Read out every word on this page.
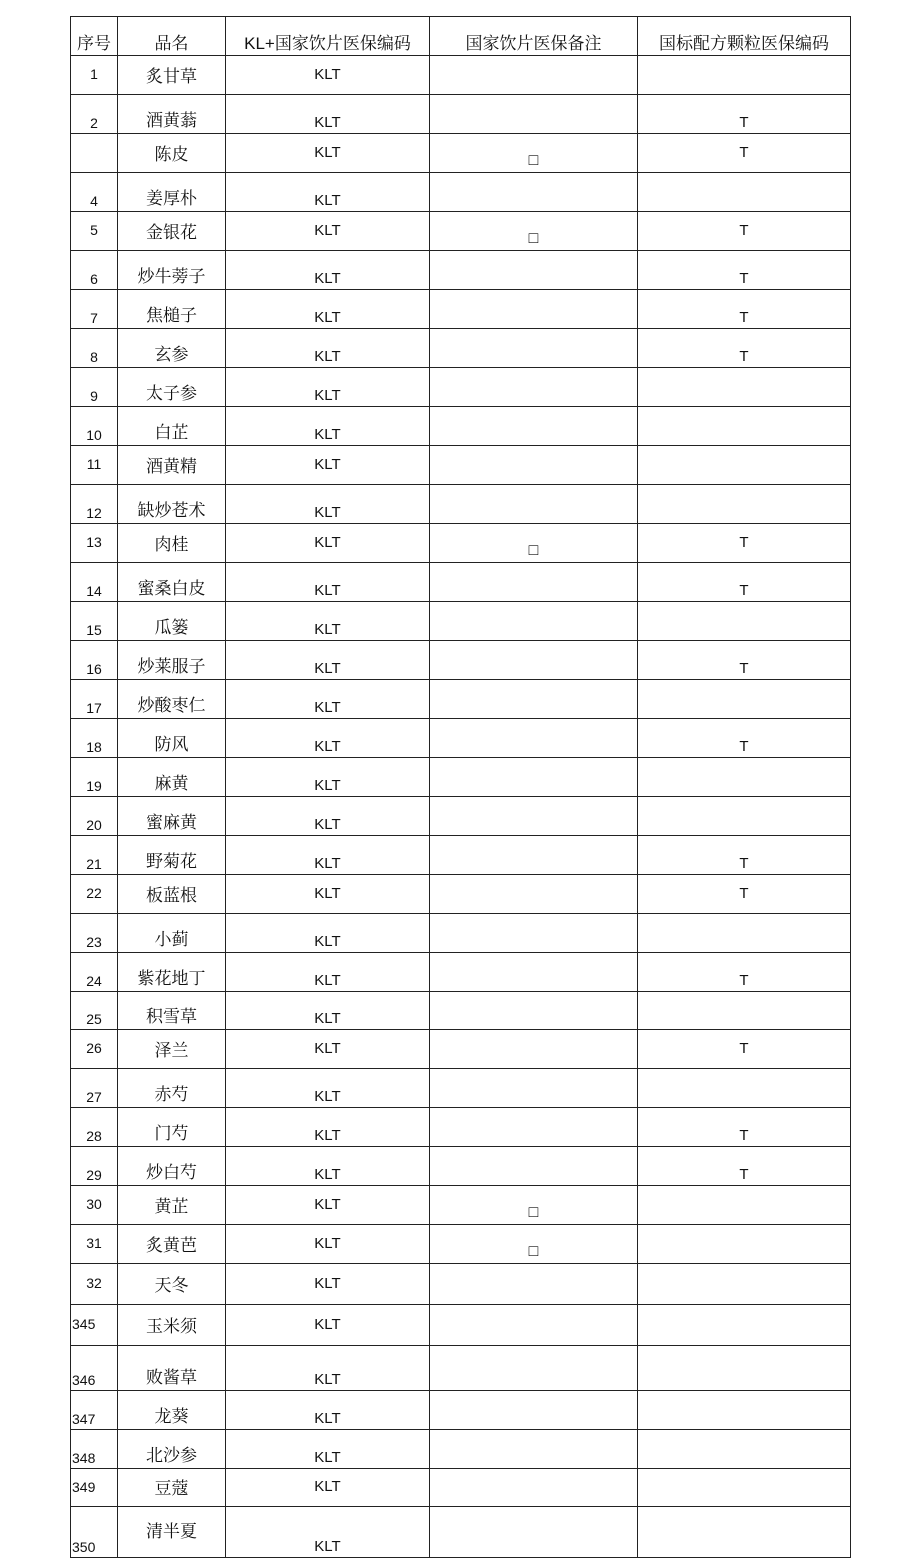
序号	品名	KL+国家饮片医保编码	国家饮片医保备注	国标配方颗粒医保编码
1	炙甘草	KLT		
2	酒黄蓊	KLT		T
	陈皮	KLT	□	T
4	姜厚朴	KLT		
5	金银花	KLT	□	T
6	炒牛蒡子	KLT		T
7	焦槌子	KLT		T
8	玄参	KLT		T
9	太子参	KLT		
10	白芷	KLT		
11	酒黄精	KLT		
12	缺炒苍术	KLT		
13	肉桂	KLT	□	T
14	蜜桑白皮	KLT		T
15	瓜篓	KLT		
16	炒莱服子	KLT		T
17	炒酸枣仁	KLT		
18	防风	KLT		T
19	麻黄	KLT		
20	蜜麻黄	KLT		
21	野菊花	KLT		T
22	板蓝根	KLT		T
23	小蓟	KLT		
24	紫花地丁	KLT		T
25	积雪草	KLT		
26	泽兰	KLT		T
27	赤芍	KLT		
28	门芍	KLT		T
29	炒白芍	KLT		T
30	黄芷	KLT	□	
31	炙黄芭	KLT	□	
32	天冬	KLT		
345	玉米须	KLT		
346	败酱草	KLT		
347	龙葵	KLT		
348	北沙参	KLT		
349	豆蔻	KLT		
350	清半夏	KLT		
